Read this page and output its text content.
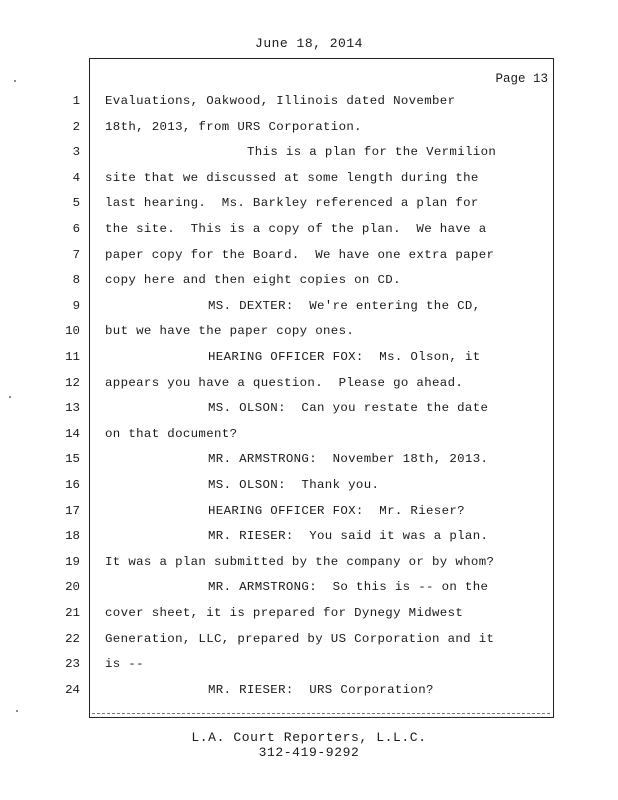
June 18, 2014
Page 13
1 Evaluations, Oakwood, Illinois dated November
2 18th, 2013, from URS Corporation.
3	This is a plan for the Vermilion
4 site that we discussed at some length during the
5 last hearing.  Ms. Barkley referenced a plan for
6 the site.  This is a copy of the plan.  We have a
7 paper copy for the Board.  We have one extra paper
8 copy here and then eight copies on CD.
9	MS. DEXTER:  We're entering the CD,
10 but we have the paper copy ones.
11	HEARING OFFICER FOX:  Ms. Olson, it
12 appears you have a question.  Please go ahead.
13	MS. OLSON:  Can you restate the date
14 on that document?
15	MR. ARMSTRONG:  November 18th, 2013.
16	MS. OLSON:  Thank you.
17	HEARING OFFICER FOX:  Mr. Rieser?
18	MR. RIESER:  You said it was a plan.
19 It was a plan submitted by the company or by whom?
20	MR. ARMSTRONG:  So this is -- on the
21 cover sheet, it is prepared for Dynegy Midwest
22 Generation, LLC, prepared by US Corporation and it
23 is --
24	MR. RIESER:  URS Corporation?
L.A. Court Reporters, L.L.C.
312-419-9292
